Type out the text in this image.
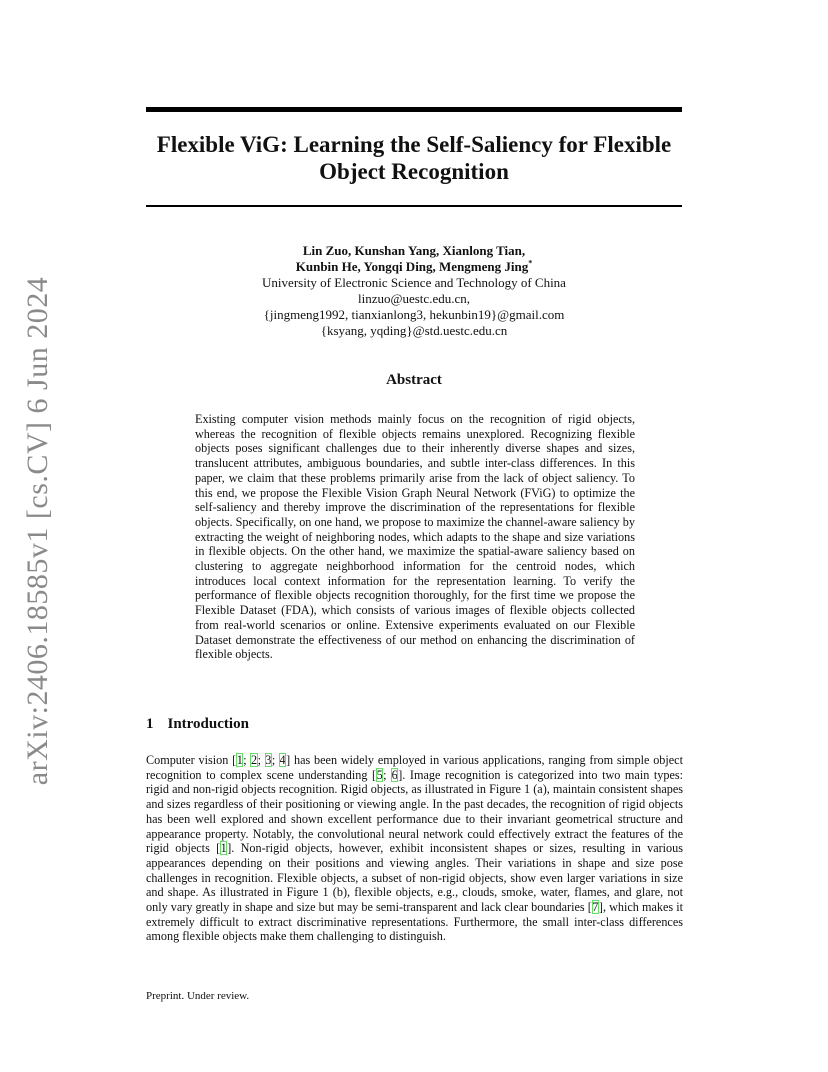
arXiv:2406.18585v1 [cs.CV] 6 Jun 2024
Flexible ViG: Learning the Self-Saliency for Flexible
Object Recognition
Lin Zuo, Kunshan Yang, Xianlong Tian,
Kunbin He, Yongqi Ding, Mengmeng Jing*
University of Electronic Science and Technology of China
linzuo@uestc.edu.cn,
{jingmeng1992, tianxianlong3, hekunbin19}@gmail.com
{ksyang, yqding}@std.uestc.edu.cn
Abstract
Existing computer vision methods mainly focus on the recognition of rigid objects, whereas the recognition of flexible objects remains unexplored. Recognizing flexible objects poses significant challenges due to their inherently diverse shapes and sizes, translucent attributes, ambiguous boundaries, and subtle inter-class differences. In this paper, we claim that these problems primarily arise from the lack of object saliency. To this end, we propose the Flexible Vision Graph Neural Network (FViG) to optimize the self-saliency and thereby improve the discrimination of the representations for flexible objects. Specifically, on one hand, we propose to maximize the channel-aware saliency by extracting the weight of neighboring nodes, which adapts to the shape and size variations in flexible objects. On the other hand, we maximize the spatial-aware saliency based on clustering to aggregate neighborhood information for the centroid nodes, which introduces local context information for the representation learning. To verify the performance of flexible objects recognition thoroughly, for the first time we propose the Flexible Dataset (FDA), which consists of various images of flexible objects collected from real-world scenarios or online. Extensive experiments evaluated on our Flexible Dataset demonstrate the effectiveness of our method on enhancing the discrimination of flexible objects.
1 Introduction
Computer vision [1; 2; 3; 4] has been widely employed in various applications, ranging from simple object recognition to complex scene understanding [5; 6]. Image recognition is categorized into two main types: rigid and non-rigid objects recognition. Rigid objects, as illustrated in Figure 1 (a), maintain consistent shapes and sizes regardless of their positioning or viewing angle. In the past decades, the recognition of rigid objects has been well explored and shown excellent performance due to their invariant geometrical structure and appearance property. Notably, the convolutional neural network could effectively extract the features of the rigid objects [1]. Non-rigid objects, however, exhibit inconsistent shapes or sizes, resulting in various appearances depending on their positions and viewing angles. Their variations in shape and size pose challenges in recognition. Flexible objects, a subset of non-rigid objects, show even larger variations in size and shape. As illustrated in Figure 1 (b), flexible objects, e.g., clouds, smoke, water, flames, and glare, not only vary greatly in shape and size but may be semi-transparent and lack clear boundaries [7], which makes it extremely difficult to extract discriminative representations. Furthermore, the small inter-class differences among flexible objects make them challenging to distinguish.
Preprint. Under review.
